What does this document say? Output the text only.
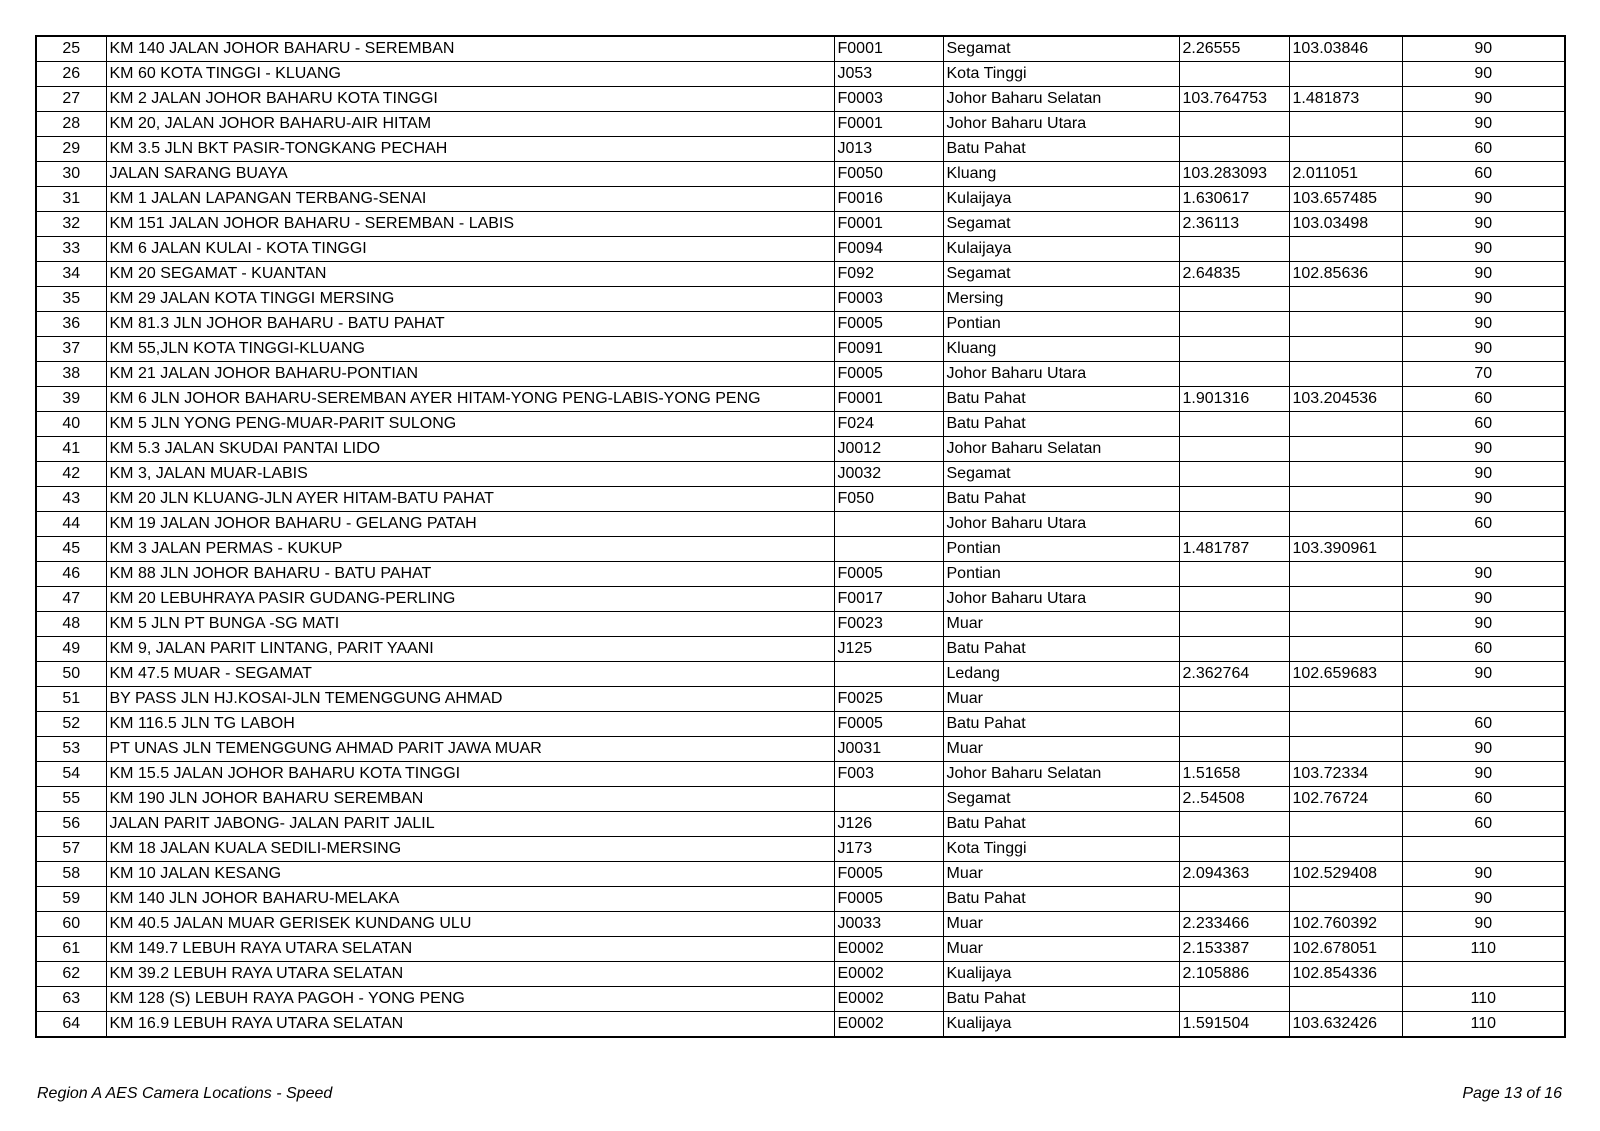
25	KM 140 JALAN JOHOR BAHARU - SEREMBAN	F0001	Segamat	2.26555	103.03846	90
26	KM 60 KOTA TINGGI - KLUANG	J053	Kota Tinggi			90
27	KM 2 JALAN JOHOR BAHARU KOTA TINGGI	F0003	Johor Baharu Selatan	103.764753	1.481873	90
28	KM 20, JALAN JOHOR BAHARU-AIR HITAM	F0001	Johor Baharu Utara			90
29	KM 3.5 JLN BKT PASIR-TONGKANG PECHAH	J013	Batu Pahat			60
30	JALAN SARANG BUAYA	F0050	Kluang	103.283093	2.011051	60
31	KM 1 JALAN LAPANGAN TERBANG-SENAI	F0016	Kulaijaya	1.630617	103.657485	90
32	KM 151 JALAN JOHOR BAHARU - SEREMBAN - LABIS	F0001	Segamat	2.36113	103.03498	90
33	KM 6 JALAN KULAI - KOTA TINGGI	F0094	Kulaijaya			90
34	KM 20 SEGAMAT - KUANTAN	F092	Segamat	2.64835	102.85636	90
35	KM 29 JALAN KOTA TINGGI MERSING	F0003	Mersing			90
36	KM 81.3 JLN JOHOR BAHARU - BATU PAHAT	F0005	Pontian			90
37	KM 55,JLN KOTA TINGGI-KLUANG	F0091	Kluang			90
38	KM 21 JALAN JOHOR BAHARU-PONTIAN	F0005	Johor Baharu Utara			70
39	KM 6 JLN JOHOR BAHARU-SEREMBAN AYER HITAM-YONG PENG-LABIS-YONG PENG	F0001	Batu Pahat	1.901316	103.204536	60
40	KM 5 JLN YONG PENG-MUAR-PARIT SULONG	F024	Batu Pahat			60
41	KM 5.3 JALAN SKUDAI PANTAI LIDO	J0012	Johor Baharu Selatan			90
42	KM 3, JALAN MUAR-LABIS	J0032	Segamat			90
43	KM 20 JLN KLUANG-JLN AYER HITAM-BATU PAHAT	F050	Batu Pahat			90
44	KM 19 JALAN JOHOR BAHARU - GELANG PATAH		Johor Baharu Utara			60
45	KM 3 JALAN PERMAS - KUKUP		Pontian	1.481787	103.390961	
46	KM 88 JLN JOHOR BAHARU - BATU PAHAT	F0005	Pontian			90
47	KM 20 LEBUHRAYA PASIR GUDANG-PERLING	F0017	Johor Baharu Utara			90
48	KM 5 JLN PT BUNGA -SG MATI	F0023	Muar			90
49	KM 9, JALAN PARIT LINTANG, PARIT YAANI	J125	Batu Pahat			60
50	KM 47.5 MUAR - SEGAMAT		Ledang	2.362764	102.659683	90
51	BY PASS JLN HJ.KOSAI-JLN TEMENGGUNG AHMAD	F0025	Muar			
52	KM 116.5 JLN TG LABOH	F0005	Batu Pahat			60
53	PT UNAS JLN TEMENGGUNG AHMAD PARIT JAWA MUAR	J0031	Muar			90
54	KM 15.5 JALAN JOHOR BAHARU KOTA TINGGI	F003	Johor Baharu Selatan	1.51658	103.72334	90
55	KM 190 JLN JOHOR BAHARU SEREMBAN		Segamat	2..54508	102.76724	60
56	JALAN PARIT JABONG- JALAN PARIT JALIL	J126	Batu Pahat			60
57	KM 18 JALAN KUALA SEDILI-MERSING	J173	Kota Tinggi			
58	KM 10 JALAN KESANG	F0005	Muar	2.094363	102.529408	90
59	KM 140 JLN JOHOR BAHARU-MELAKA	F0005	Batu Pahat			90
60	KM 40.5 JALAN MUAR GERISEK KUNDANG ULU	J0033	Muar	2.233466	102.760392	90
61	KM 149.7 LEBUH RAYA UTARA SELATAN	E0002	Muar	2.153387	102.678051	110
62	KM 39.2 LEBUH RAYA UTARA SELATAN	E0002	Kualijaya	2.105886	102.854336	
63	KM 128 (S) LEBUH RAYA PAGOH - YONG PENG	E0002	Batu Pahat			110
64	KM 16.9 LEBUH RAYA UTARA SELATAN	E0002	Kualijaya	1.591504	103.632426	110
Region A AES Camera Locations - Speed	Page 13 of 16
